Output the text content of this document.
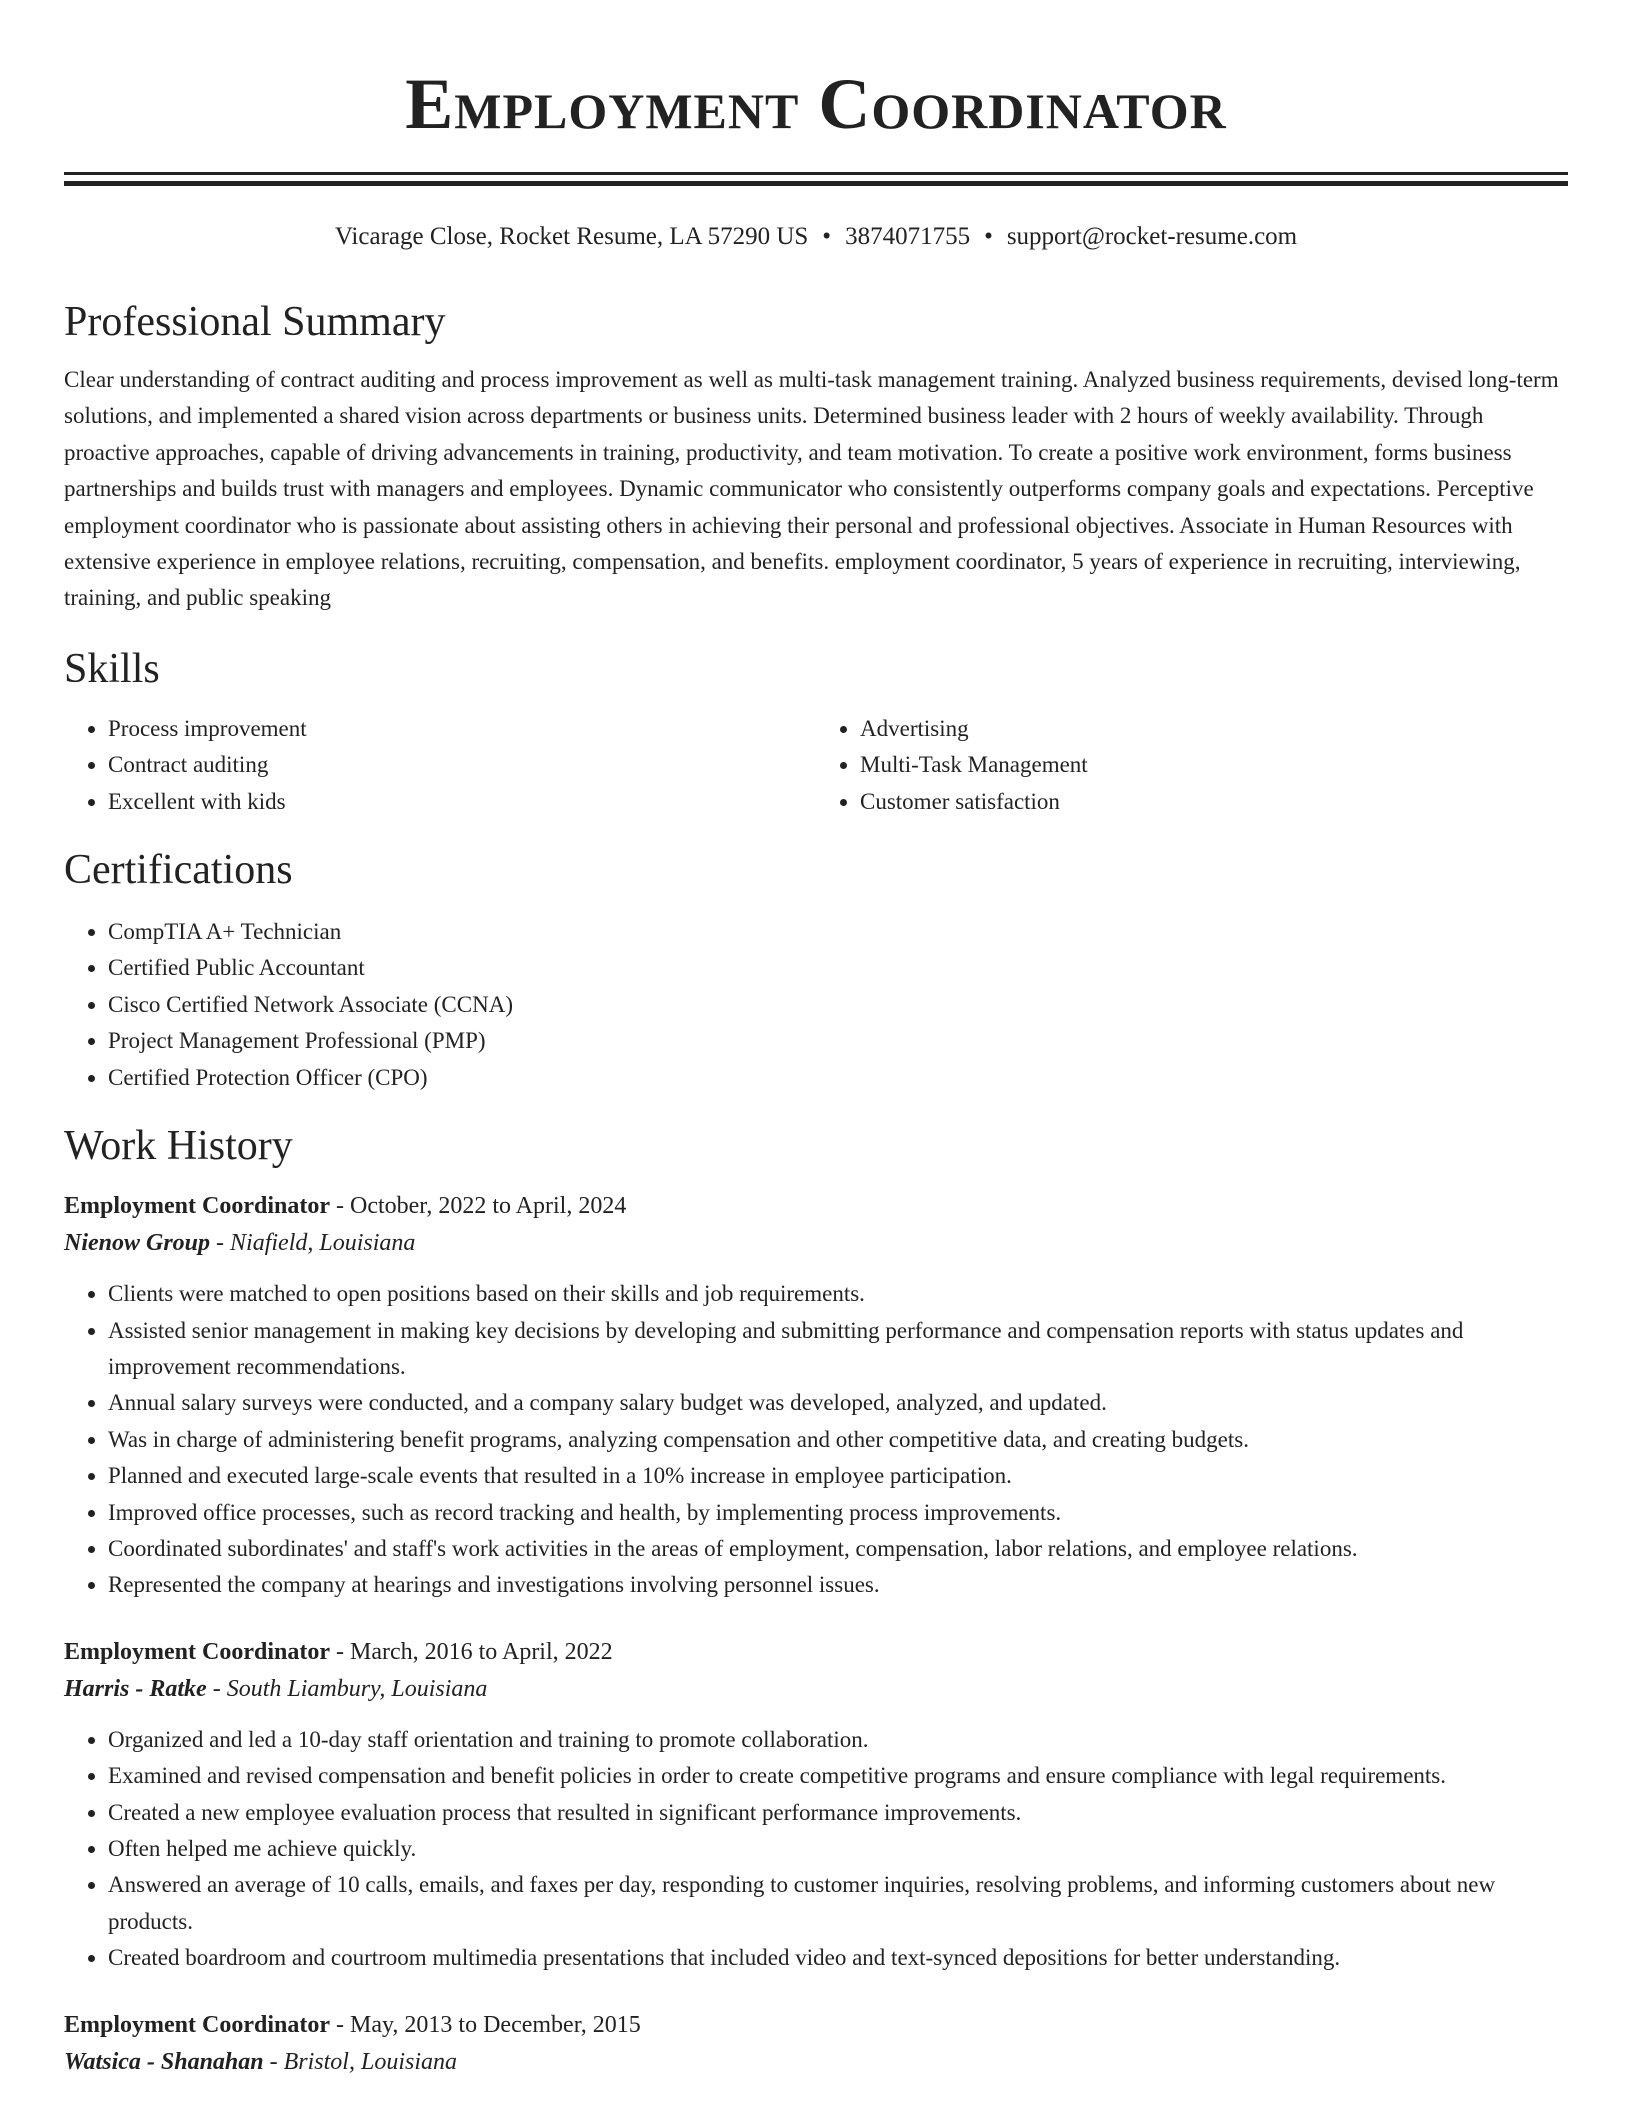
Employment Coordinator
Vicarage Close, Rocket Resume, LA 57290 US • 3874071755 • support@rocket-resume.com
Professional Summary

Clear understanding of contract auditing and process improvement as well as multi-task management training. Analyzed business requirements, devised long-term solutions, and implemented a shared vision across departments or business units. Determined business leader with 2 hours of weekly availability. Through proactive approaches, capable of driving advancements in training, productivity, and team motivation. To create a positive work environment, forms business partnerships and builds trust with managers and employees. Dynamic communicator who consistently outperforms company goals and expectations. Perceptive employment coordinator who is passionate about assisting others in achieving their personal and professional objectives. Associate in Human Resources with extensive experience in employee relations, recruiting, compensation, and benefits. employment coordinator, 5 years of experience in recruiting, interviewing, training, and public speaking

Skills
• Process improvement
• Contract auditing
• Excellent with kids
• Advertising
• Multi-Task Management
• Customer satisfaction
Certifications
• CompTIA A+ Technician
• Certified Public Accountant
• Cisco Certified Network Associate (CCNA)
• Project Management Professional (PMP)
• Certified Protection Officer (CPO)
Work History
Employment Coordinator - October, 2022 to April, 2024
Nienow Group - Niafield, Louisiana
• Clients were matched to open positions based on their skills and job requirements.
• Assisted senior management in making key decisions by developing and submitting performance and compensation reports with status updates and improvement recommendations.
• Annual salary surveys were conducted, and a company salary budget was developed, analyzed, and updated.
• Was in charge of administering benefit programs, analyzing compensation and other competitive data, and creating budgets.
• Planned and executed large-scale events that resulted in a 10% increase in employee participation.
• Improved office processes, such as record tracking and health, by implementing process improvements.
• Coordinated subordinates' and staff's work activities in the areas of employment, compensation, labor relations, and employee relations.
• Represented the company at hearings and investigations involving personnel issues.
Employment Coordinator - March, 2016 to April, 2022
Harris - Ratke - South Liambury, Louisiana
• Organized and led a 10-day staff orientation and training to promote collaboration.
• Examined and revised compensation and benefit policies in order to create competitive programs and ensure compliance with legal requirements.
• Created a new employee evaluation process that resulted in significant performance improvements.
• Often helped me achieve quickly.
• Answered an average of 10 calls, emails, and faxes per day, responding to customer inquiries, resolving problems, and informing customers about new products.
• Created boardroom and courtroom multimedia presentations that included video and text-synced depositions for better understanding.
Employment Coordinator - May, 2013 to December, 2015
Watsica - Shanahan - Bristol, Louisiana
